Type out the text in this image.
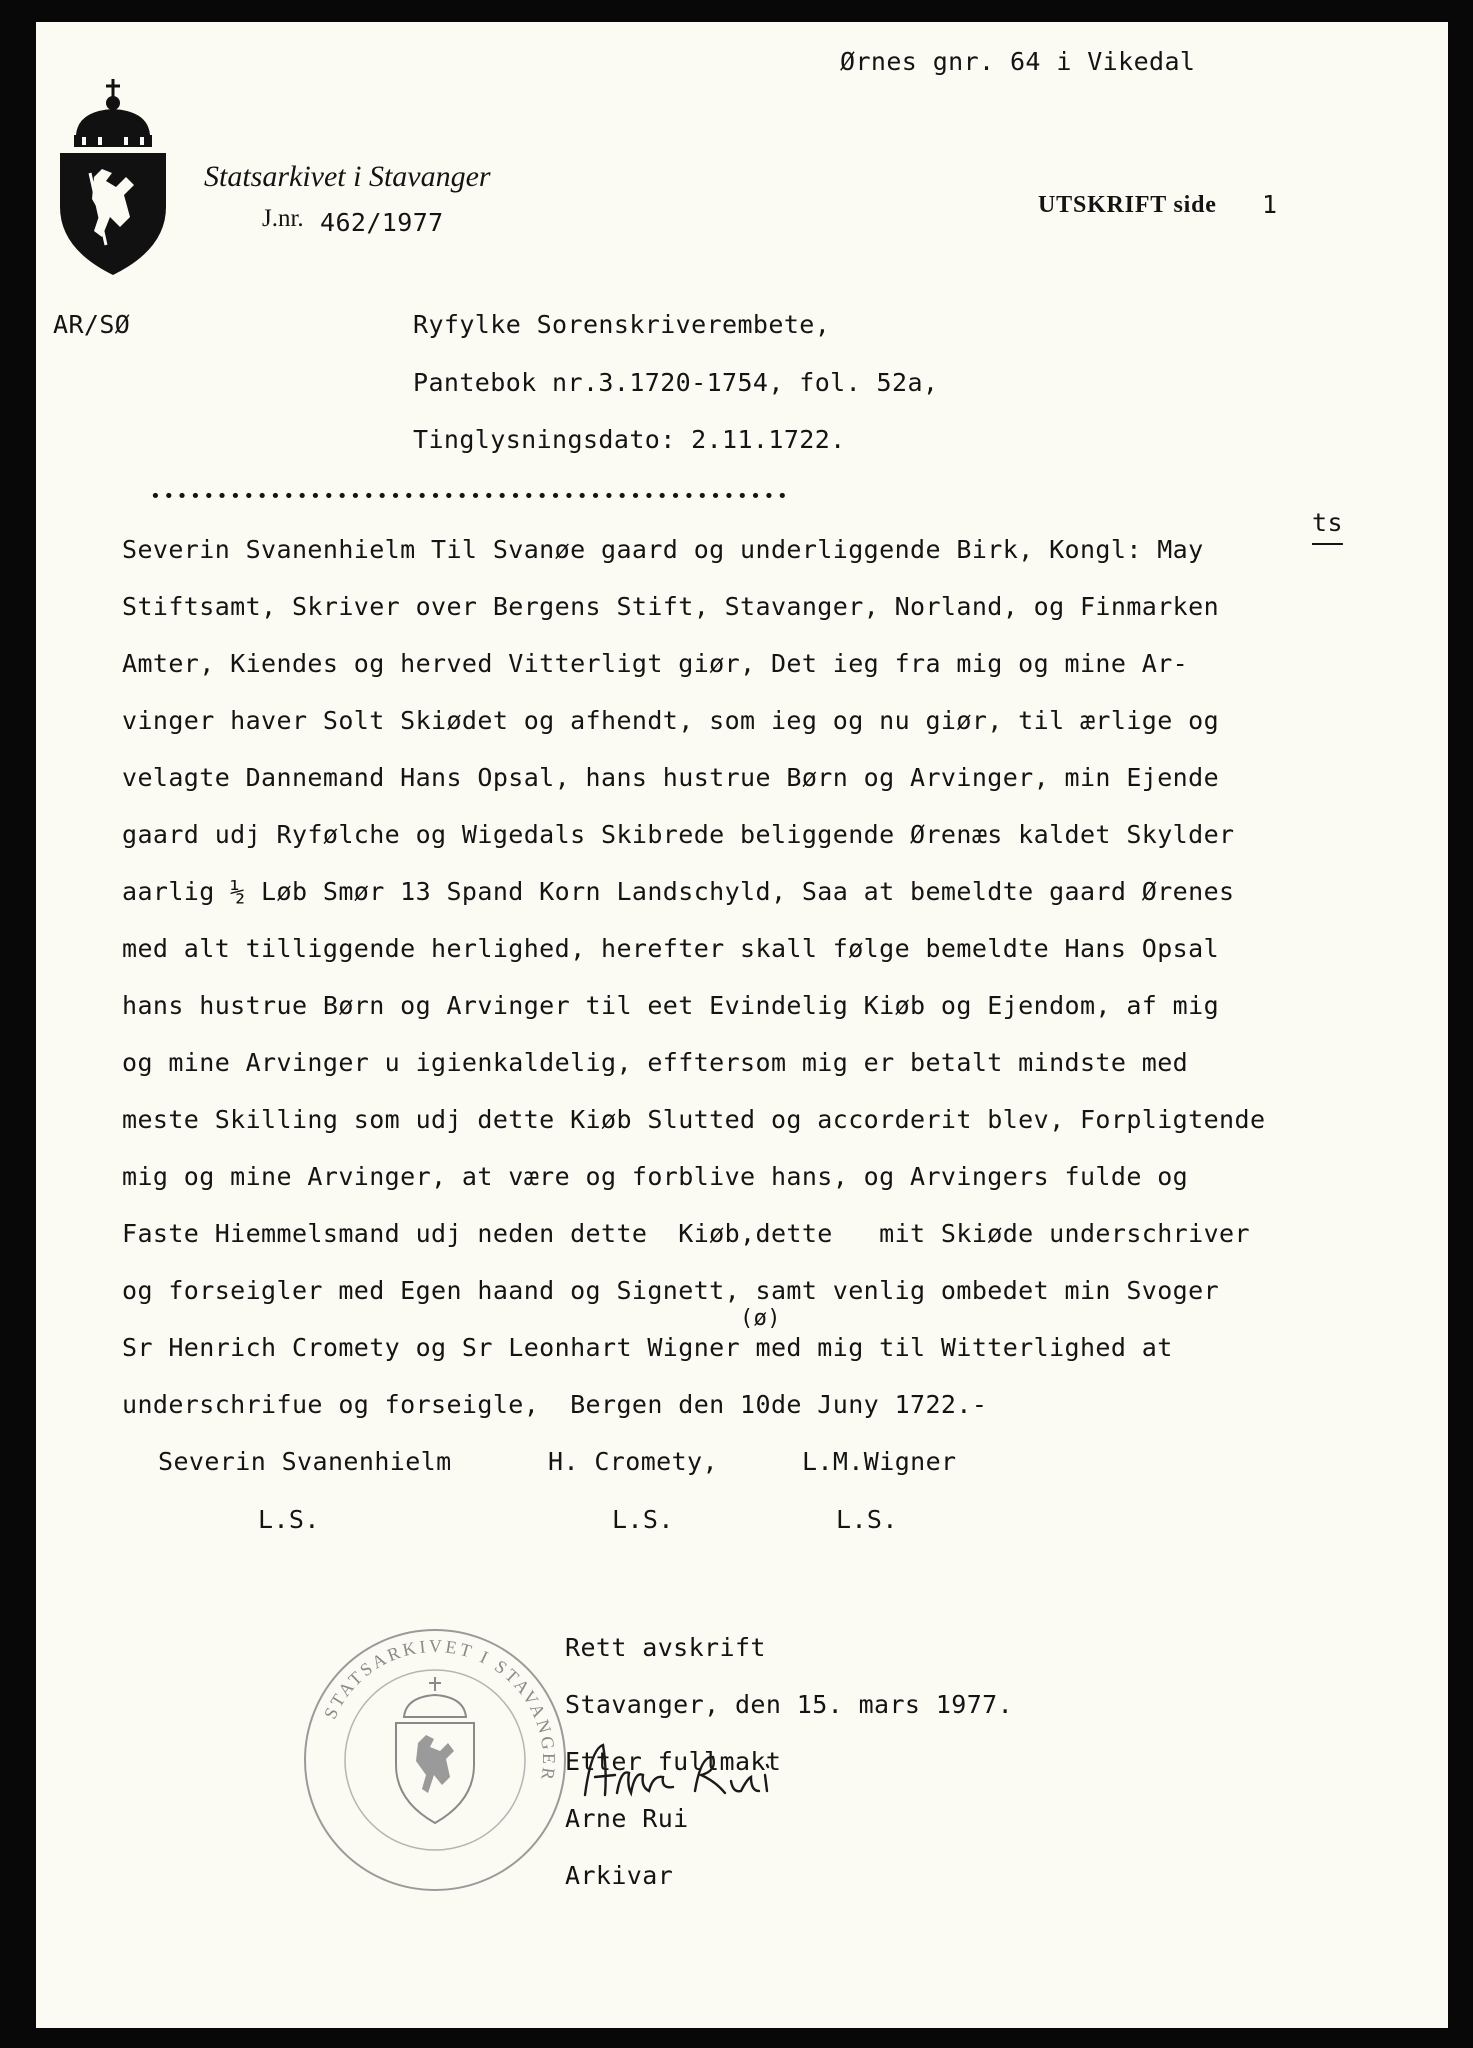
Statsarkivet i Stavanger
J.nr. 462/1977
Ørnes gnr. 64 i Vikedal
UTSKRIFT side 1
AR/SØ	Ryfylke Sorenskriverembete,
Pantebok nr.3.1720-1754, fol. 52a,
Tinglysningsdato: 2.11.1722.
••••••••••••••••••••••••••••••••••••••••••••••••
Severin Svanenhielm Til Svanøe gaard og underliggende Birk, Kongl: May
ts
Stiftsamt, Skriver over Bergens Stift, Stavanger, Norland, og Finmarken
Amter, Kiendes og herved Vitterligt giør, Det ieg fra mig og mine Ar-
vinger haver Solt Skiødet og afhendt, som ieg og nu giør, til ærlige og
velagte Dannemand Hans Opsal, hans hustrue Børn og Arvinger, min Ejende
gaard udj Ryfølche og Wigedals Skibrede beliggende Ørenæs kaldet Skylder
aarlig ½ Løb Smør 13 Spand Korn Landschyld, Saa at bemeldte gaard Ørenes
med alt tilliggende herlighed, herefter skall følge bemeldte Hans Opsal
hans hustrue Børn og Arvinger til eet Evindelig Kiøb og Ejendom, af mig
og mine Arvinger u igienkaldelig, efftersom mig er betalt mindste med
meste Skilling som udj dette Kiøb Slutted og accorderit blev, Forpligtende
mig og mine Arvinger, at være og forblive hans, og Arvingers fulde og
Faste Hiemmelsmand udj neden dette  Kiøb,dette   mit Skiøde underschriver
og forseigler med Egen haand og Signett, samt venlig ombedet min Svoger
(ø)
Sr Henrich Cromety og Sr Leonhart Wigner med mig til Witterlighed at
underschrifue og forseigle,  Bergen den 10de Juny 1722.-
Severin Svanenhielm	H. Cromety,	L.M.Wigner
L.S.	L.S.	L.S.
Rett avskrift
Stavanger, den 15. mars 1977.
Etter fullmakt
Arne Rui
Arkivar
STATSARKIVET I STAVANGER
